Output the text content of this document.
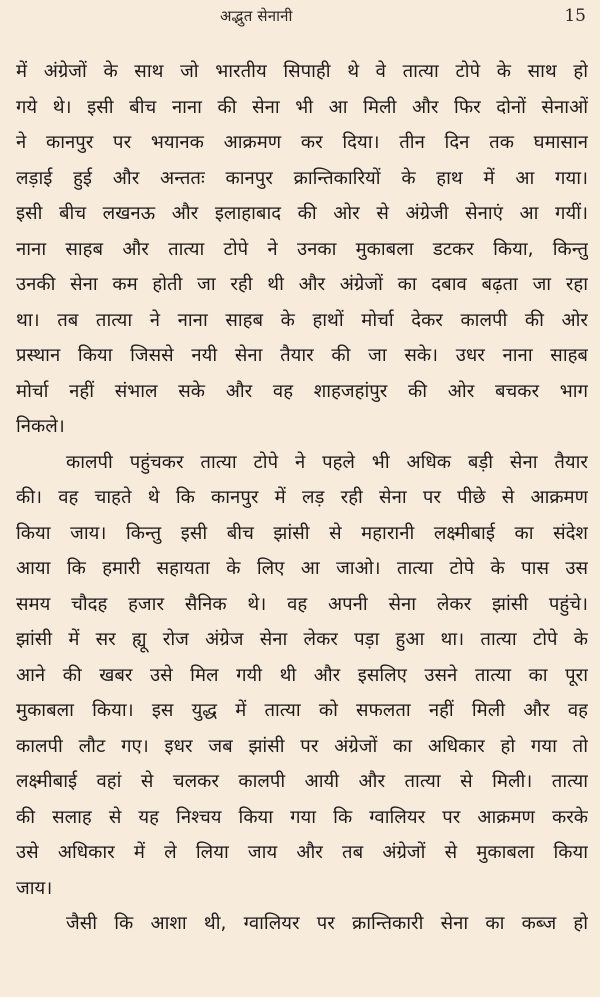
अद्भुत सेनानी	15
में अंग्रेजों के साथ जो भारतीय सिपाही थे वे तात्या टोपे के साथ हो
गये थे। इसी बीच नाना की सेना भी आ मिली और फिर दोनों सेनाओं
ने कानपुर पर भयानक आक्रमण कर दिया। तीन दिन तक घमासान
लड़ाई हुई और अन्ततः कानपुर क्रान्तिकारियों के हाथ में आ गया।
इसी बीच लखनऊ और इलाहाबाद की ओर से अंग्रेजी सेनाएं आ गयीं।
नाना साहब और तात्या टोपे ने उनका मुकाबला डटकर किया, किन्तु
उनकी सेना कम होती जा रही थी और अंग्रेजों का दबाव बढ़ता जा रहा
था। तब तात्या ने नाना साहब के हाथों मोर्चा देकर कालपी की ओर
प्रस्थान किया जिससे नयी सेना तैयार की जा सके। उधर नाना साहब
मोर्चा नहीं संभाल सके और वह शाहजहांपुर की ओर बचकर भाग
निकले।
कालपी पहुंचकर तात्या टोपे ने पहले भी अधिक बड़ी सेना तैयार
की। वह चाहते थे कि कानपुर में लड़ रही सेना पर पीछे से आक्रमण
किया जाय। किन्तु इसी बीच झांसी से महारानी लक्ष्मीबाई का संदेश
आया कि हमारी सहायता के लिए आ जाओ। तात्या टोपे के पास उस
समय चौदह हजार सैनिक थे। वह अपनी सेना लेकर झांसी पहुंचे।
झांसी में सर ह्यू रोज अंग्रेज सेना लेकर पड़ा हुआ था। तात्या टोपे के
आने की खबर उसे मिल गयी थी और इसलिए उसने तात्या का पूरा
मुकाबला किया। इस युद्ध में तात्या को सफलता नहीं मिली और वह
कालपी लौट गए। इधर जब झांसी पर अंग्रेजों का अधिकार हो गया तो
लक्ष्मीबाई वहां से चलकर कालपी आयी और तात्या से मिली। तात्या
की सलाह से यह निश्चय किया गया कि ग्वालियर पर आक्रमण करके
उसे अधिकार में ले लिया जाय और तब अंग्रेजों से मुकाबला किया
जाय।
जैसी कि आशा थी, ग्वालियर पर क्रान्तिकारी सेना का कब्ज हो
